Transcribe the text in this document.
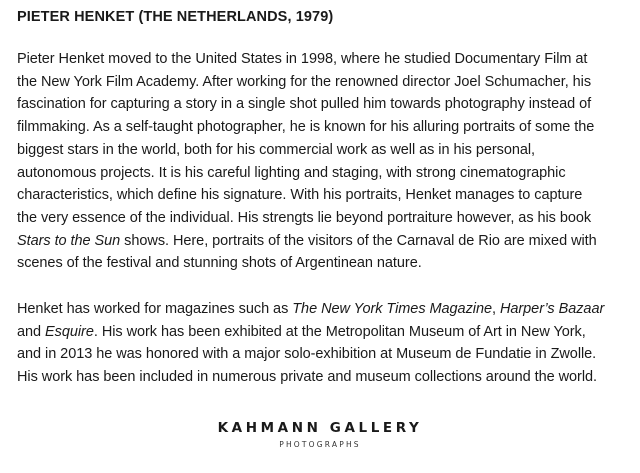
PIETER HENKET (THE NETHERLANDS, 1979)
Pieter Henket moved to the United States in 1998, where he studied Documentary Film at
the New York Film Academy. After working for the renowned director Joel Schumacher, his
fascination for capturing a story in a single shot pulled him towards photography instead of
filmmaking. As a self-taught photographer, he is known for his alluring portraits of some the
biggest stars in the world, both for his commercial work as well as in his personal,
autonomous projects. It is his careful lighting and staging, with strong cinematographic
characteristics, which define his signature. With his portraits, Henket manages to capture
the very essence of the individual. His strengts lie beyond portraiture however, as his book
Stars to the Sun shows. Here, portraits of the visitors of the Carnaval de Rio are mixed with
scenes of the festival and stunning shots of Argentinean nature.
Henket has worked for magazines such as The New York Times Magazine, Harper’s Bazaar
and Esquire. His work has been exhibited at the Metropolitan Museum of Art in New York,
and in 2013 he was honored with a major solo-exhibition at Museum de Fundatie in Zwolle.
His work has been included in numerous private and museum collections around the world.
KAHMANN GALLERY
PHOTOGRAPHS
